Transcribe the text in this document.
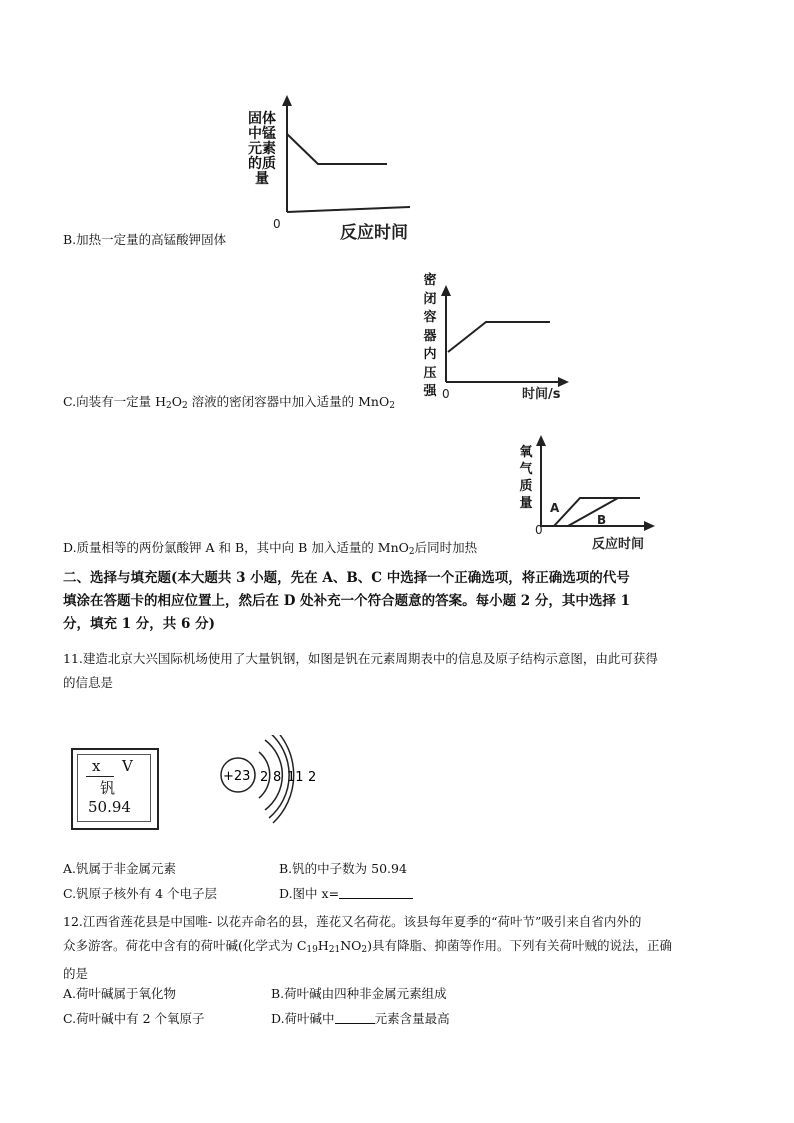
固体
中锰
元素
的质
量
0	反应时间
B.加热一定量的高锰酸钾固体
密
闭
容
器
内
压
强 0	时间/s
C.向装有一定量 $H_2O_2$ 溶液的密闭容器中加入适量的 MnO$_2$
氧
气
质
量 A
B
0
反应时间
D.质量相等的两份氯酸钾 A 和 B，其中向 B 加入适量的 MnO$_2$后同时加热
二、选择与填充题(本大题共 3 小题，先在 A、B、C 中选择一个正确选项，将正确选项的代号
填涂在答题卡的相应位置上，然后在 D 处补充一个符合题意的答案。每小题 2 分，其中选择 1
分，填充 1 分，共 6 分)
11.建造北京大兴国际机场使用了大量钒钢，如图是钒在元素周期表中的信息及原子结构示意图，由此可获得
的信息是
x V
钒
50.94
+23 2 8 11 2
A.钒属于非金属元素	B.钒的中子数为 50.94
C.钒原子核外有 4 个电子层	D.图中 x=
12.江西省莲花县是中国唯- 以花卉命名的县，莲花又名荷花。该县每年夏季的“荷叶节”吸引来自省内外的
众多游客。荷花中含有的荷叶碱(化学式为 $C_{19}H_{21}NO_2$)具有降脂、抑菌等作用。下列有关荷叶贼的说法，正确
的是
A.荷叶碱属于氧化物	B.荷叶碱由四种非金属元素组成
C.荷叶碱中有 2 个氧原子	D.荷叶碱中	元素含量最高
